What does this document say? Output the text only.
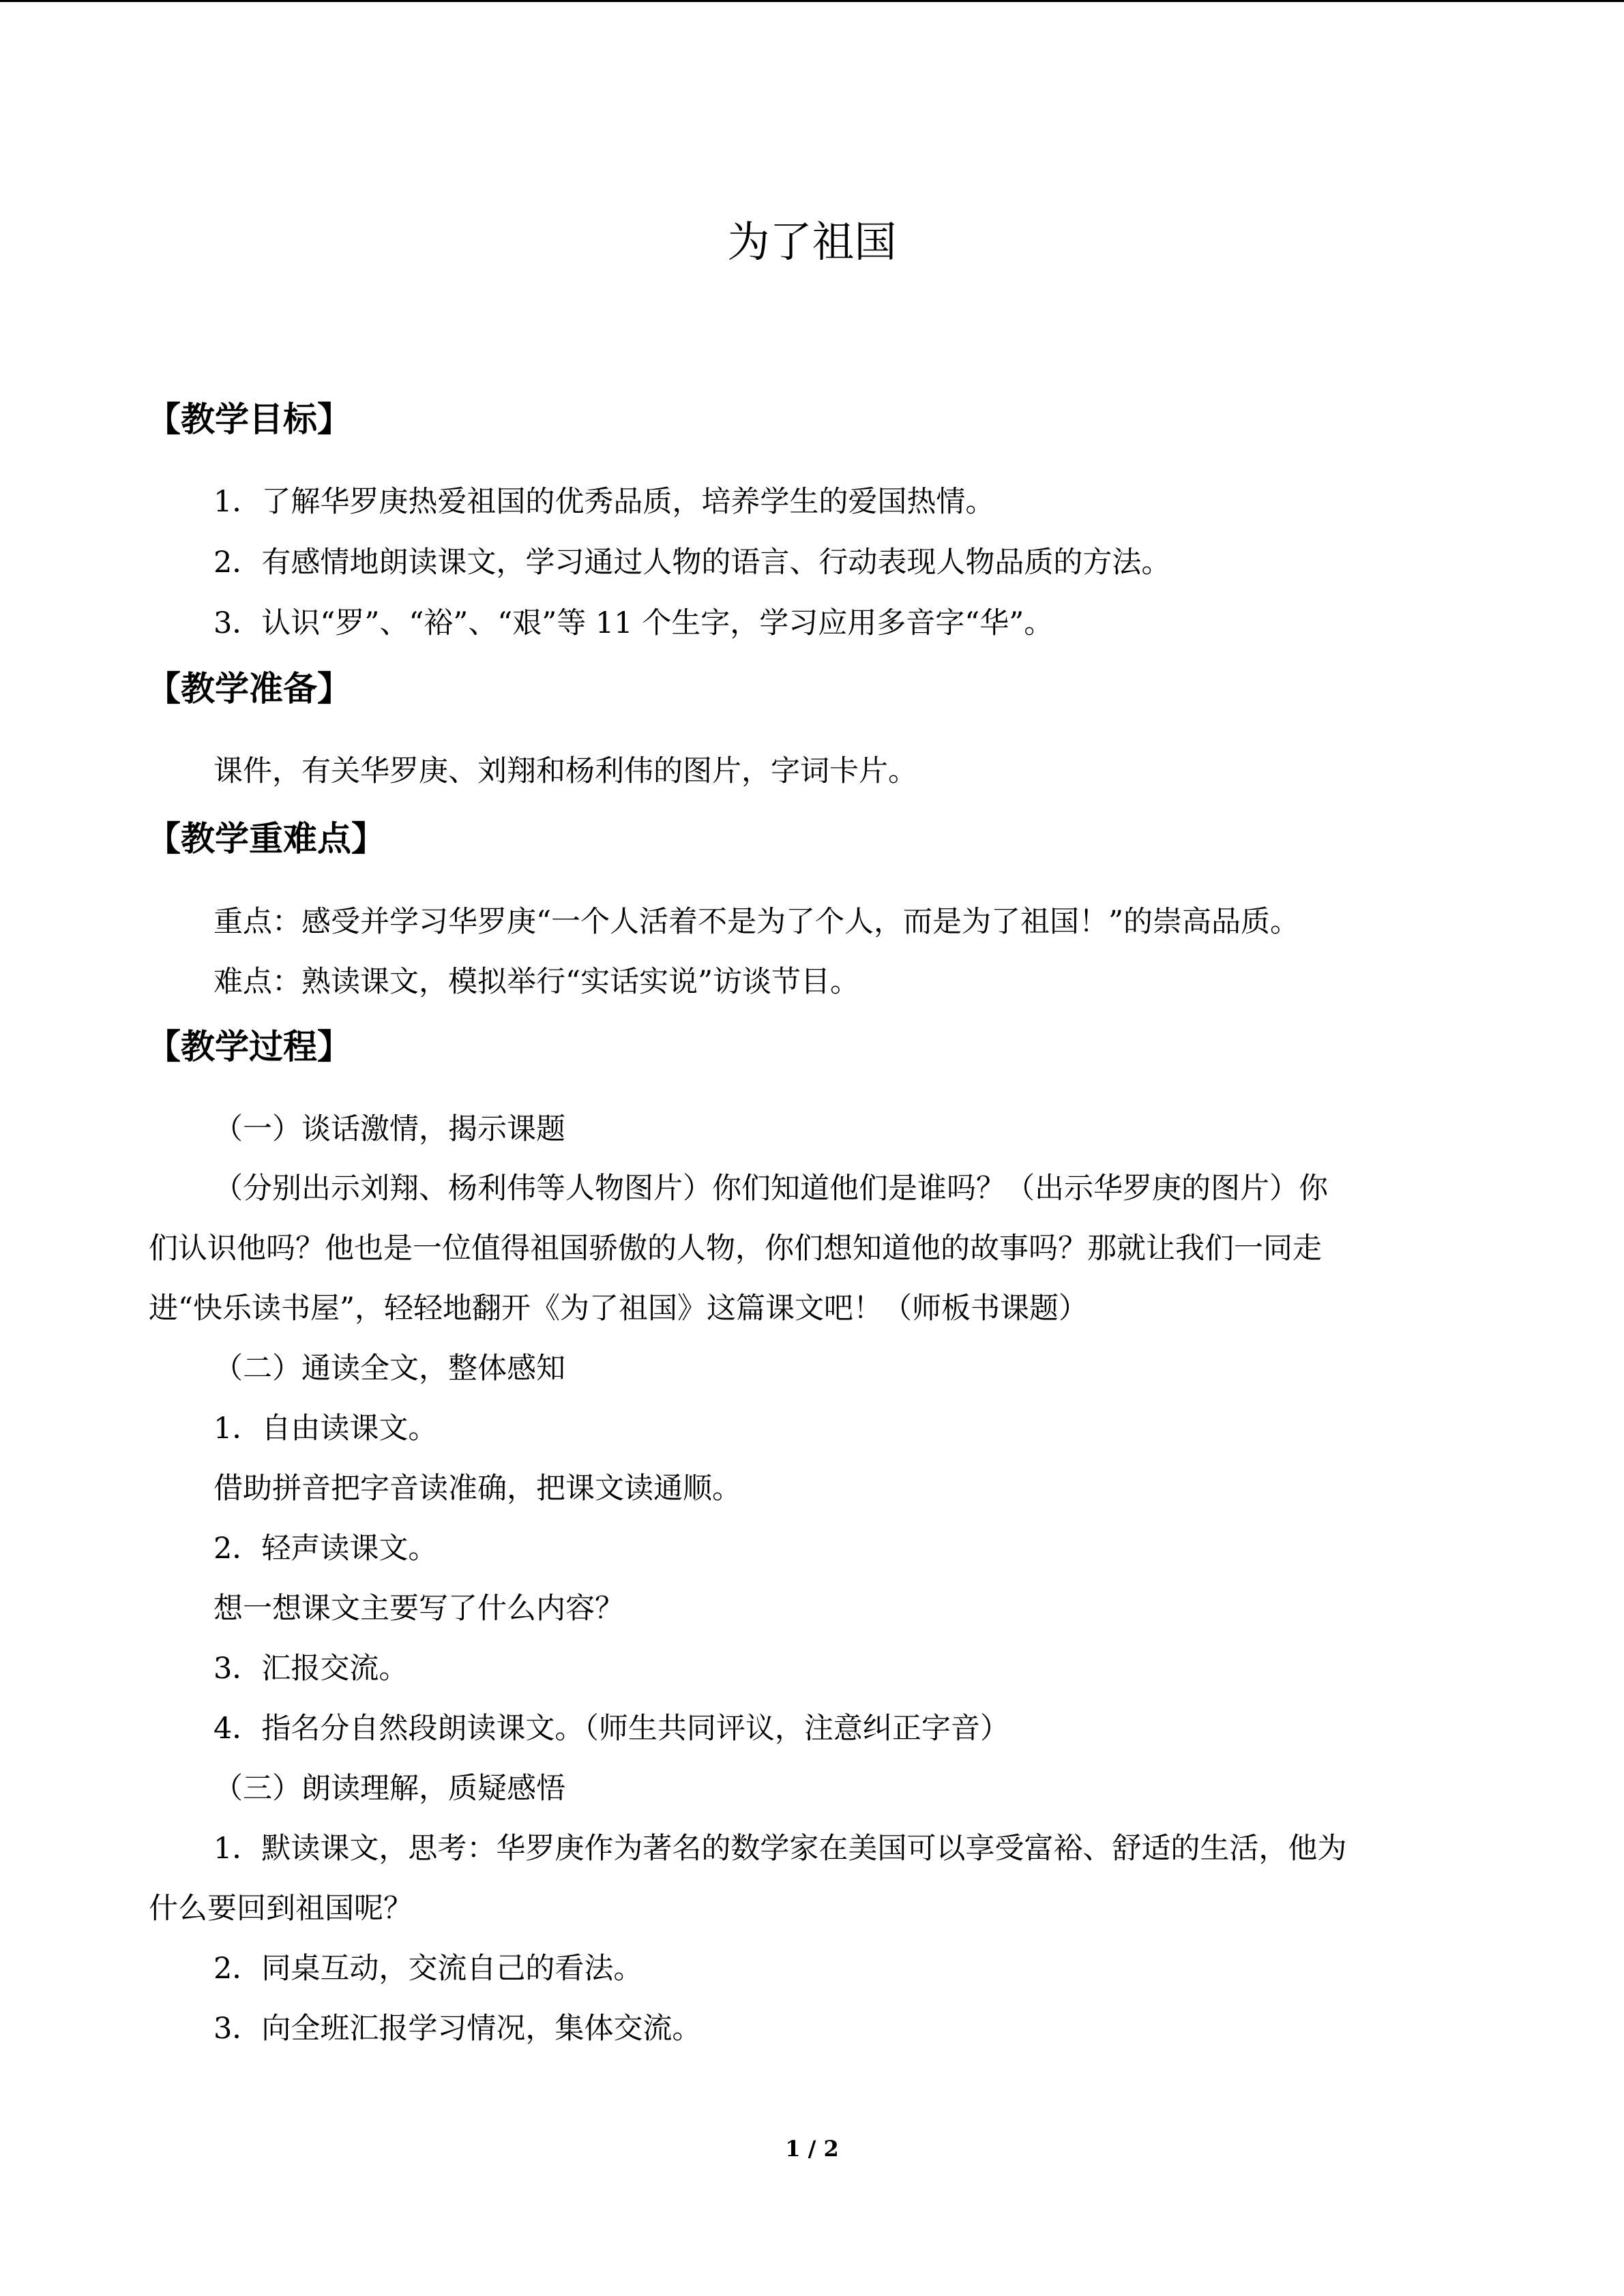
为了祖国
【教学目标】

1．了解华罗庚热爱祖国的优秀品质，培养学生的爱国热情。

2．有感情地朗读课文，学习通过人物的语言、行动表现人物品质的方法。

3．认识“罗”、“裕”、“艰”等 11 个生字，学习应用多音字“华”。

【教学准备】

课件，有关华罗庚、刘翔和杨利伟的图片，字词卡片。

【教学重难点】

重点：感受并学习华罗庚“一个人活着不是为了个人，而是为了祖国！”的崇高品质。

难点：熟读课文，模拟举行“实话实说”访谈节目。

【教学过程】

（一）谈话激情，揭示课题

（分别出示刘翔、杨利伟等人物图片）你们知道他们是谁吗？（出示华罗庚的图片）你

们认识他吗？他也是一位值得祖国骄傲的人物，你们想知道他的故事吗？那就让我们一同走

进“快乐读书屋”，轻轻地翻开《为了祖国》这篇课文吧！（师板书课题）

（二）通读全文，整体感知

1．自由读课文。

借助拼音把字音读准确，把课文读通顺。

2．轻声读课文。

想一想课文主要写了什么内容？

3．汇报交流。

4．指名分自然段朗读课文。（师生共同评议，注意纠正字音）

（三）朗读理解，质疑感悟

1．默读课文，思考：华罗庚作为著名的数学家在美国可以享受富裕、舒适的生活，他为

什么要回到祖国呢？

2．同桌互动，交流自己的看法。

3．向全班汇报学习情况，集体交流。

1 / 2
